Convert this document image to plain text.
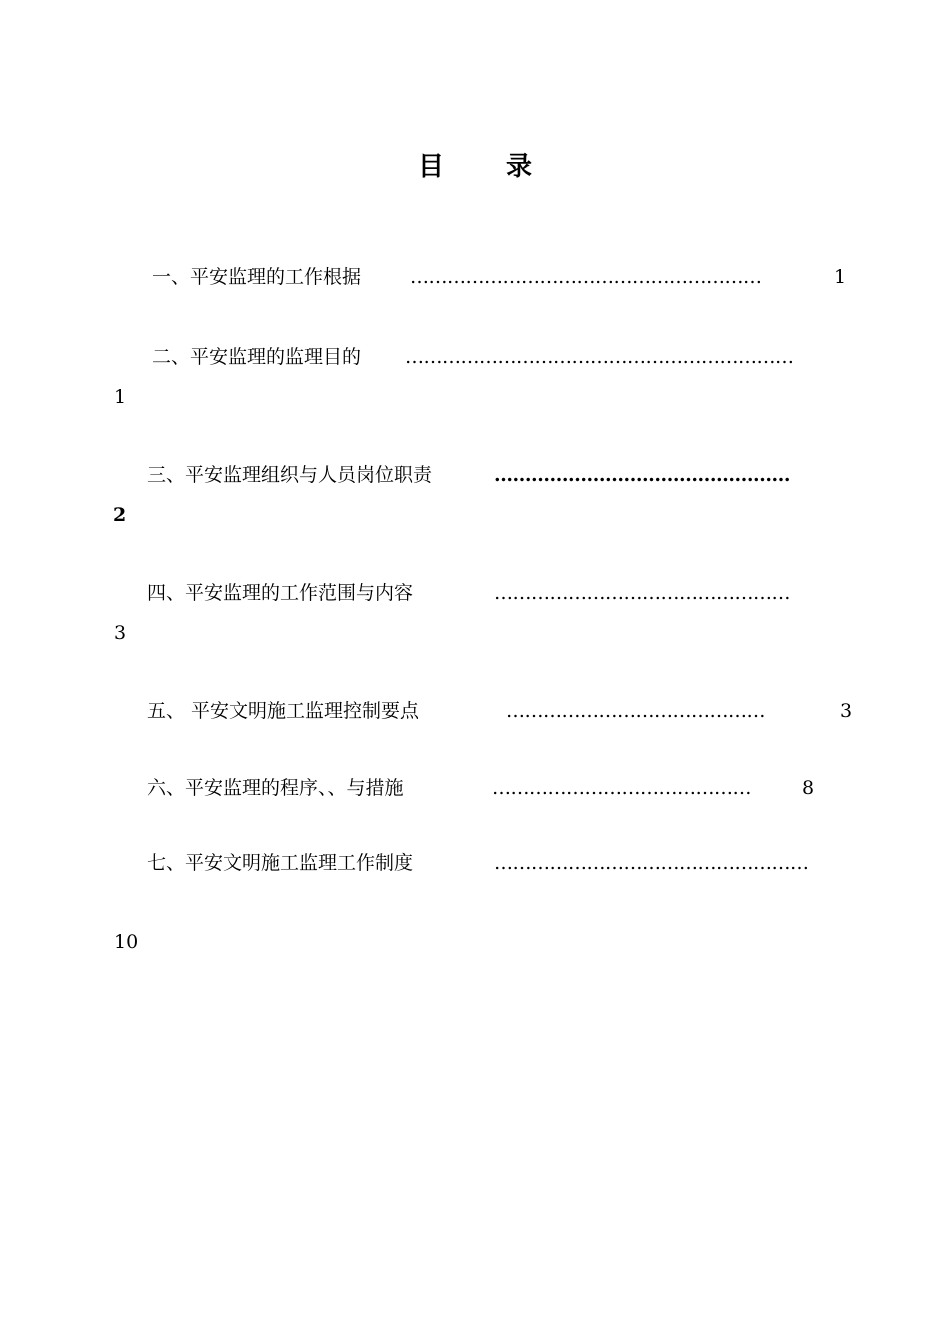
目 录
一、平安监理的工作根据	…………………………………………………	1
二、平安监理的监理目的 ………………………………………………………
1
三、平安监理组织与人员岗位职责	…………………………………………
2
四、平安监理的工作范围与内容	…………………………………………
3
五、 平安文明施工监理控制要点	……………………………………	3
六、平安监理的程序、、与措施	……………………………………	8
七、平安文明施工监理工作制度	……………………………………………
10
